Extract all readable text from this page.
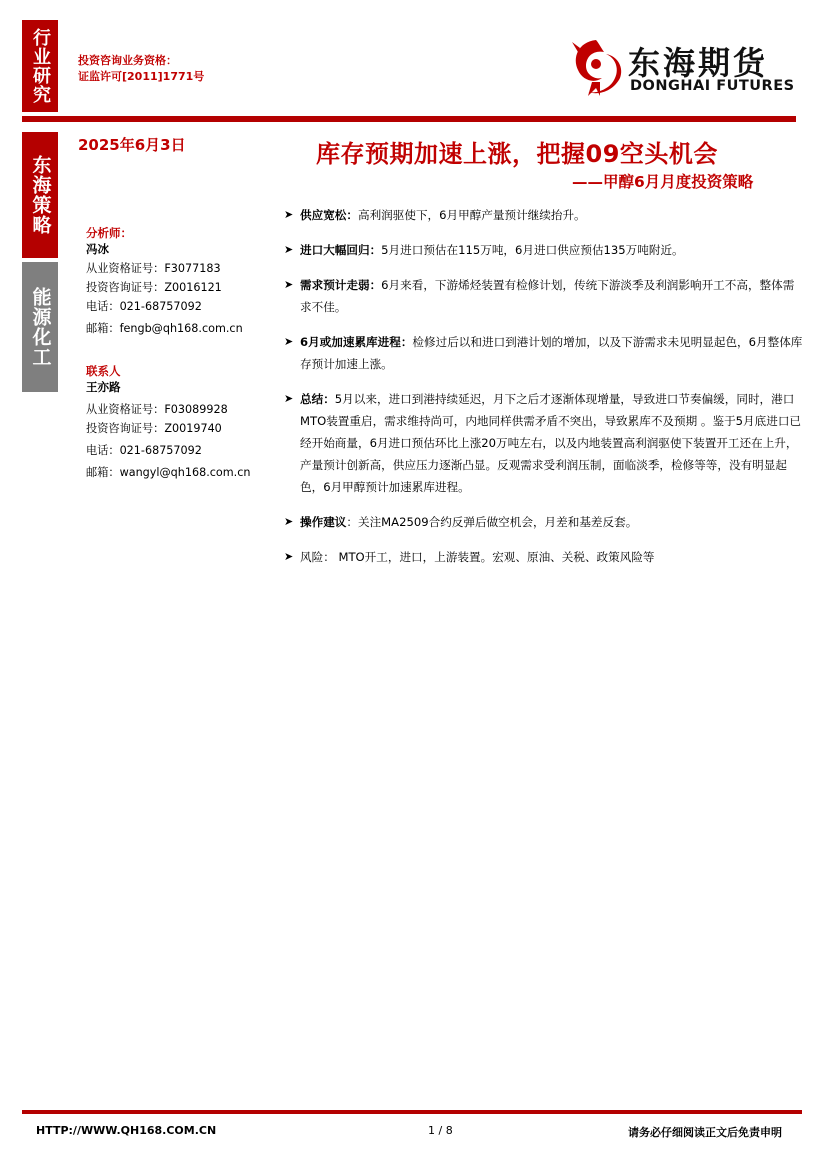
行业研究 投资咨询业务资格：
证监许可[2011]1771号	东海期货
DONGHAI FUTURES
东海策略
能源化工
2025年6月3日	库存预期加速上涨，把握09空头机会
——甲醇6月月度投资策略
分析师：
冯冰
从业资格证号：F3077183
投资咨询证号：Z0016121
电话：021-68757092
邮箱：fengb@qh168.com.cn
联系人
王亦路
从业资格证号：F03089928
投资咨询证号：Z0019740
电话：021-68757092
邮箱：wangyl@qh168.com.cn
➤ 供应宽松：高利润驱使下，6月甲醇产量预计继续抬升。
➤ 进口大幅回归：5月进口预估在115万吨，6月进口供应预估135万吨附近。
➤ 需求预计走弱：6月来看，下游烯烃装置有检修计划，传统下游淡季及利润影响开工不高，整体需求不佳。
➤ 6月或加速累库进程：检修过后以和进口到港计划的增加，以及下游需求未见明显起色，6月整体库存预计加速上涨。
➤ 总结：5月以来，进口到港持续延迟，月下之后才逐渐体现增量，导致进口节奏偏缓，同时，港口MTO装置重启，需求维持尚可，内地同样供需矛盾不突出，导致累库不及预期 。鉴于5月底进口已经开始商量，6月进口预估环比上涨20万吨左右，以及内地装置高利润驱使下装置开工还在上升，产量预计创新高，供应压力逐渐凸显。反观需求受利润压制，面临淡季，检修等等，没有明显起色，6月甲醇预计加速累库进程。
➤ 操作建议：关注MA2509合约反弹后做空机会，月差和基差反套。
➤ 风险： MTO开工，进口，上游装置。宏观、原油、关税、政策风险等
HTTP://WWW.QH168.COM.CN	1 / 8	请务必仔细阅读正文后免责申明
